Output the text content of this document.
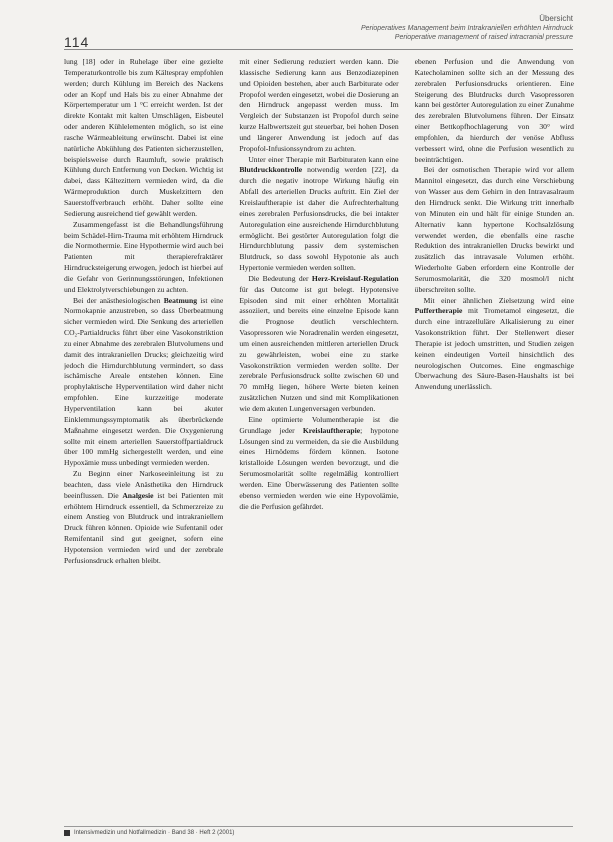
114
Übersicht
Perioperatives Management beim Intrakraniellen erhöhten Hirndruck
Perioperative management of raised intracranial pressure

lung [18] oder in Ruhelage über eine gezielte Temperaturkontrolle bis zum Kältespray empfohlen werden; durch Kühlung im Bereich des Nackens oder an Kopf und Hals bis zu einer Abnahme der Körpertemperatur um 1 °C erreicht werden. Ist der direkte Kontakt mit kalten Umschlägen, Eisbeutel oder anderen Kühlelementen möglich, so ist eine rasche Wärmeableitung erwünscht. Dabei ist eine natürliche Abkühlung des Patienten sicherzustellen, beispielsweise durch Raumluft, sowie praktisch Kühlung durch Entfernung von Decken. Wichtig ist dabei, dass Kältezittern vermieden wird, da die Wärmeproduktion durch Muskelzittern den Sauerstoffverbrauch erhöht. Daher sollte eine Sedierung ausreichend tief gewählt werden.

Zusammengefasst ist die Behandlungsführung beim Schädel-Hirn-Trauma mit erhöhtem Hirndruck die Normothermie. Eine Hypothermie wird auch bei Patienten mit therapierefraktärer Hirndrucksteigerung erwogen, jedoch ist hierbei auf die Gefahr von Gerinnungsstörungen, Infektionen und Elektrolytverschiebungen zu achten.

Bei der anästhesiologischen Beatmung ist eine Normokapnie anzustreben, so dass Überbeatmung sicher vermieden wird. Die Senkung des arteriellen CO₂-Partialdrucks führt über eine Vasokonstriktion zu einer Abnahme des zerebralen Blutvolumens und damit des intrakraniellen Drucks; gleichzeitig wird jedoch die Hirndurchblutung vermindert, so dass ischämische Areale entstehen können. Eine prophylaktische Hyperventilation wird daher nicht empfohlen. Eine kurzzeitige moderate Hyperventilation kann bei akuter Einklemmungssymptomatik als überbrückende Maßnahme eingesetzt werden. Die Oxygenierung sollte mit einem arteriellen Sauerstoffpartialdruck über 100 mmHg sichergestellt werden, und eine Hypoxämie muss unbedingt vermieden werden.

Zu Beginn einer Narkoseeinleitung ist zu beachten, dass viele Anästhetika den Hirndruck beeinflussen. Die Analgesie ist bei Patienten mit erhöhtem Hirndruck essentiell, da Schmerzreize zu einem Anstieg von Blutdruck und intrakraniellem Druck führen können. Opioide wie Sufentanil oder Remifentanil sind gut geeignet, sofern eine Hypotension vermieden wird und der zerebrale Perfusionsdruck erhalten bleibt.

mit einer Sedierung reduziert werden kann. Die klassische Sedierung kann aus Benzodiazepinen und Opioiden bestehen, aber auch Barbiturate oder Propofol werden eingesetzt, wobei die Dosierung an den Hirndruck angepasst werden muss. Im Vergleich der Substanzen ist Propofol durch seine kurze Halbwertszeit gut steuerbar, bei hohen Dosen und längerer Anwendung ist jedoch auf das Propofol-Infusionssyndrom zu achten.

Unter einer Therapie mit Barbituraten kann eine Blutdruckkontrolle notwendig werden [22], da durch die negativ inotrope Wirkung häufig ein Abfall des arteriellen Drucks auftritt. Ein Ziel der Kreislauftherapie ist daher die Aufrechterhaltung eines zerebralen Perfusionsdrucks, die bei intakter Autoregulation eine ausreichende Hirndurchblutung ermöglicht. Bei gestörter Autoregulation folgt die Hirndurchblutung passiv dem systemischen Blutdruck, so dass sowohl Hypotonie als auch Hypertonie vermieden werden sollten.

Die Bedeutung der Herz-Kreislauf-Regulation für das Outcome ist gut belegt. Hypotensive Episoden sind mit einer erhöhten Mortalität assoziiert, und bereits eine einzelne Episode kann die Prognose deutlich verschlechtern. Vasopressoren wie Noradrenalin werden eingesetzt, um einen ausreichenden mittleren arteriellen Druck zu gewährleisten, wobei eine zu starke Vasokonstriktion vermieden werden sollte. Der zerebrale Perfusionsdruck sollte zwischen 60 und 70 mmHg liegen, höhere Werte bieten keinen zusätzlichen Nutzen und sind mit Komplikationen wie dem akuten Lungenversagen verbunden.

Eine optimierte Volumentherapie ist die Grundlage jeder Kreislauftherapie; hypotone Lösungen sind zu vermeiden, da sie die Ausbildung eines Hirnödems fördern können. Isotone kristalloide Lösungen werden bevorzugt, und die Serumosmolarität sollte regelmäßig kontrolliert werden. Eine Überwässerung des Patienten sollte ebenso vermieden werden wie eine Hypovolämie, die die Perfusion gefährdet.

ebenen Perfusion und die Anwendung von Katecholaminen sollte sich an der Messung des zerebralen Perfusionsdrucks orientieren. Eine Steigerung des Blutdrucks durch Vasopressoren kann bei gestörter Autoregulation zu einer Zunahme des zerebralen Blutvolumens führen. Der Einsatz einer Bettkopfhochlagerung von 30° wird empfohlen, da hierdurch der venöse Abfluss verbessert wird, ohne die Perfusion wesentlich zu beeinträchtigen.

Bei der osmotischen Therapie wird vor allem Mannitol eingesetzt, das durch eine Verschiebung von Wasser aus dem Gehirn in den Intravasalraum den Hirndruck senkt. Die Wirkung tritt innerhalb von Minuten ein und hält für einige Stunden an. Alternativ kann hypertone Kochsalzlösung verwendet werden, die ebenfalls eine rasche Reduktion des intrakraniellen Drucks bewirkt und zusätzlich das intravasale Volumen erhöht. Wiederholte Gaben erfordern eine Kontrolle der Serumosmolarität, die 320 mosmol/l nicht überschreiten sollte.

Mit einer ähnlichen Zielsetzung wird eine Puffertherapie mit Trometamol eingesetzt, die durch eine intrazelluläre Alkalisierung zu einer Vasokonstriktion führt. Der Stellenwert dieser Therapie ist jedoch umstritten, und Studien zeigen keinen eindeutigen Vorteil hinsichtlich des neurologischen Outcomes. Eine engmaschige Überwachung des Säure-Basen-Haushalts ist bei Anwendung unerlässlich.

Intensivmedizin und Notfallmedizin · Band 38 · Heft 2 (2001)
